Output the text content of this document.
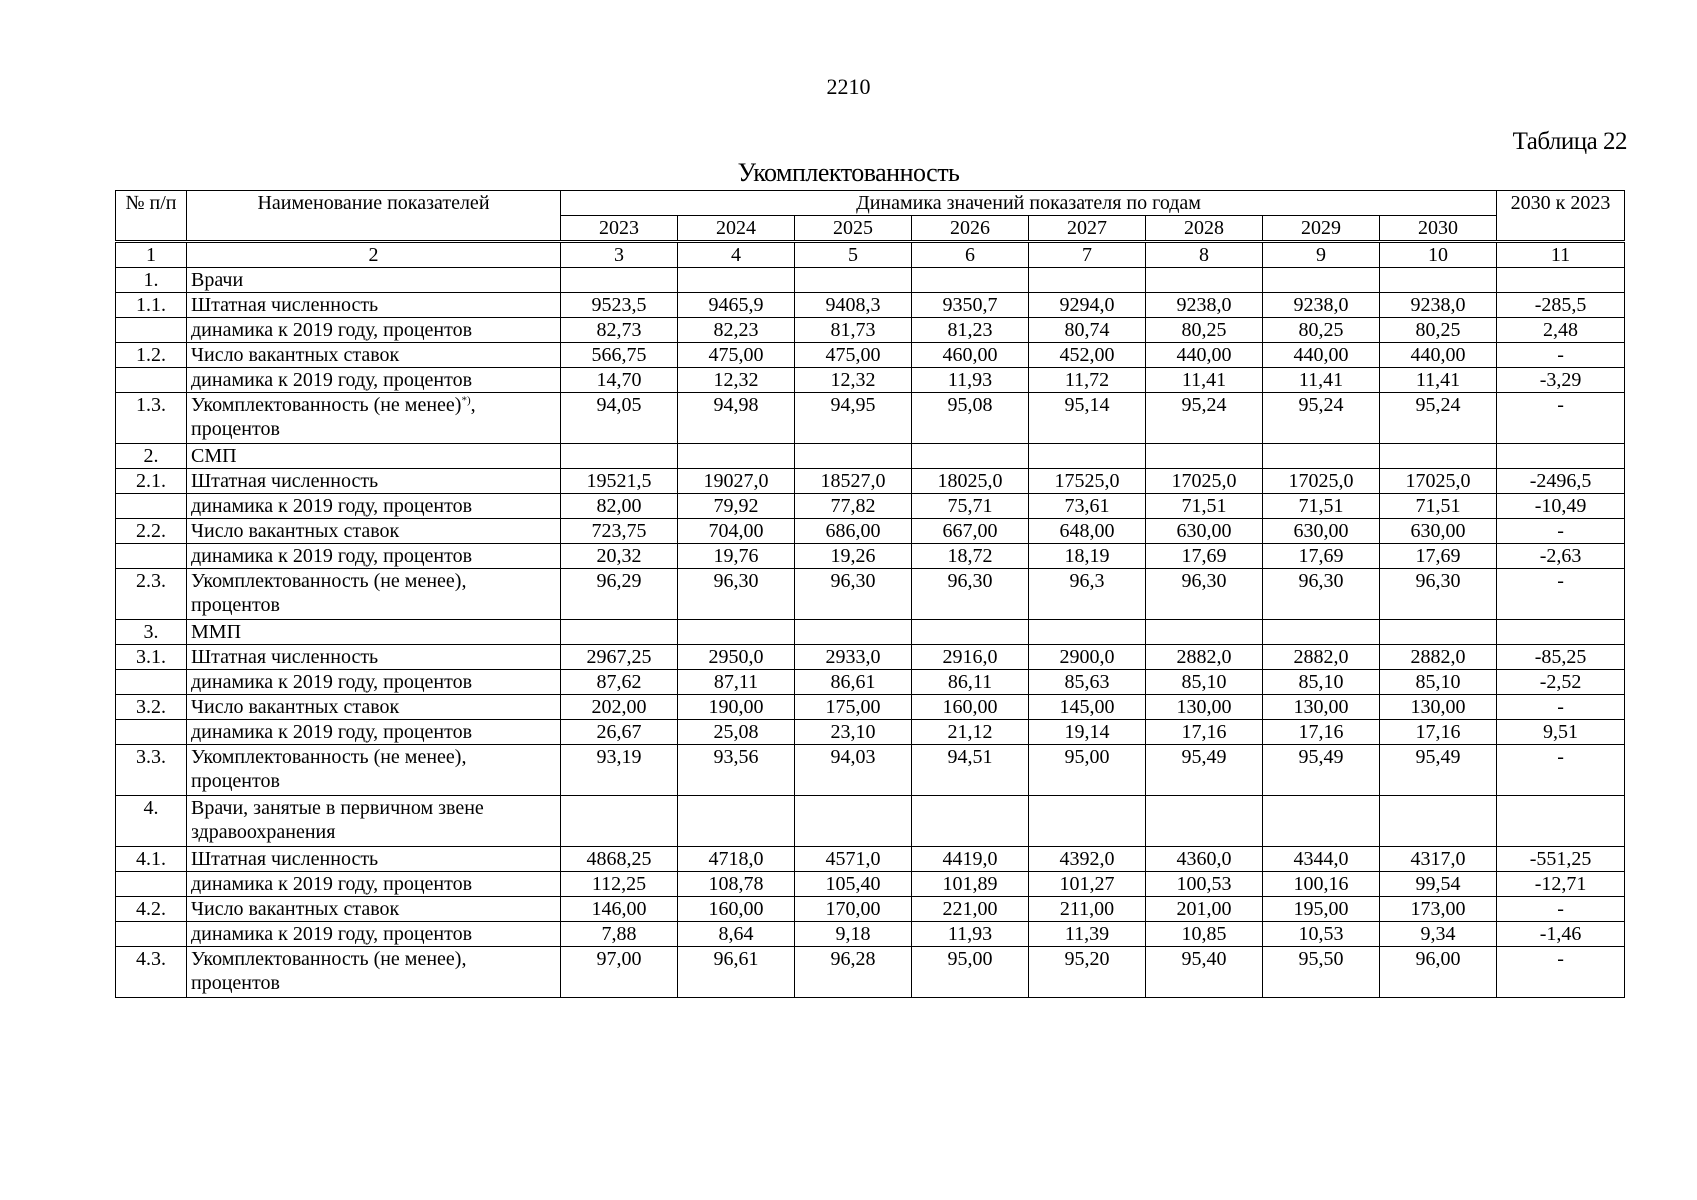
2210
Таблица 22
Укомплектованность
№ п/п	Наименование показателей	Динамика значений показателя по годам								2030 к 2023
		2023	2024	2025	2026	2027	2028	2029	2030	
1	2	3	4	5	6	7	8	9	10	11
1.	Врачи									
1.1.	Штатная численность	9523,5	9465,9	9408,3	9350,7	9294,0	9238,0	9238,0	9238,0	-285,5
	динамика к 2019 году, процентов	82,73	82,23	81,73	81,23	80,74	80,25	80,25	80,25	2,48
1.2.	Число вакантных ставок	566,75	475,00	475,00	460,00	452,00	440,00	440,00	440,00	-
	динамика к 2019 году, процентов	14,70	12,32	12,32	11,93	11,72	11,41	11,41	11,41	-3,29
1.3.	Укомплектованность (не менее)*),
процентов	94,05	94,98	94,95	95,08	95,14	95,24	95,24	95,24	-
2.	СМП									
2.1.	Штатная численность	19521,5	19027,0	18527,0	18025,0	17525,0	17025,0	17025,0	17025,0	-2496,5
	динамика к 2019 году, процентов	82,00	79,92	77,82	75,71	73,61	71,51	71,51	71,51	-10,49
2.2.	Число вакантных ставок	723,75	704,00	686,00	667,00	648,00	630,00	630,00	630,00	-
	динамика к 2019 году, процентов	20,32	19,76	19,26	18,72	18,19	17,69	17,69	17,69	-2,63
2.3.	Укомплектованность (не менее),
процентов	96,29	96,30	96,30	96,30	96,3	96,30	96,30	96,30	-
3.	ММП									
3.1.	Штатная численность	2967,25	2950,0	2933,0	2916,0	2900,0	2882,0	2882,0	2882,0	-85,25
	динамика к 2019 году, процентов	87,62	87,11	86,61	86,11	85,63	85,10	85,10	85,10	-2,52
3.2.	Число вакантных ставок	202,00	190,00	175,00	160,00	145,00	130,00	130,00	130,00	-
	динамика к 2019 году, процентов	26,67	25,08	23,10	21,12	19,14	17,16	17,16	17,16	9,51
3.3.	Укомплектованность (не менее),
процентов	93,19	93,56	94,03	94,51	95,00	95,49	95,49	95,49	-
4.	Врачи, занятые в первичном звене
здравоохранения									
4.1.	Штатная численность	4868,25	4718,0	4571,0	4419,0	4392,0	4360,0	4344,0	4317,0	-551,25
	динамика к 2019 году, процентов	112,25	108,78	105,40	101,89	101,27	100,53	100,16	99,54	-12,71
4.2.	Число вакантных ставок	146,00	160,00	170,00	221,00	211,00	201,00	195,00	173,00	-
	динамика к 2019 году, процентов	7,88	8,64	9,18	11,93	11,39	10,85	10,53	9,34	-1,46
4.3.	Укомплектованность (не менее),
процентов	97,00	96,61	96,28	95,00	95,20	95,40	95,50	96,00	-
